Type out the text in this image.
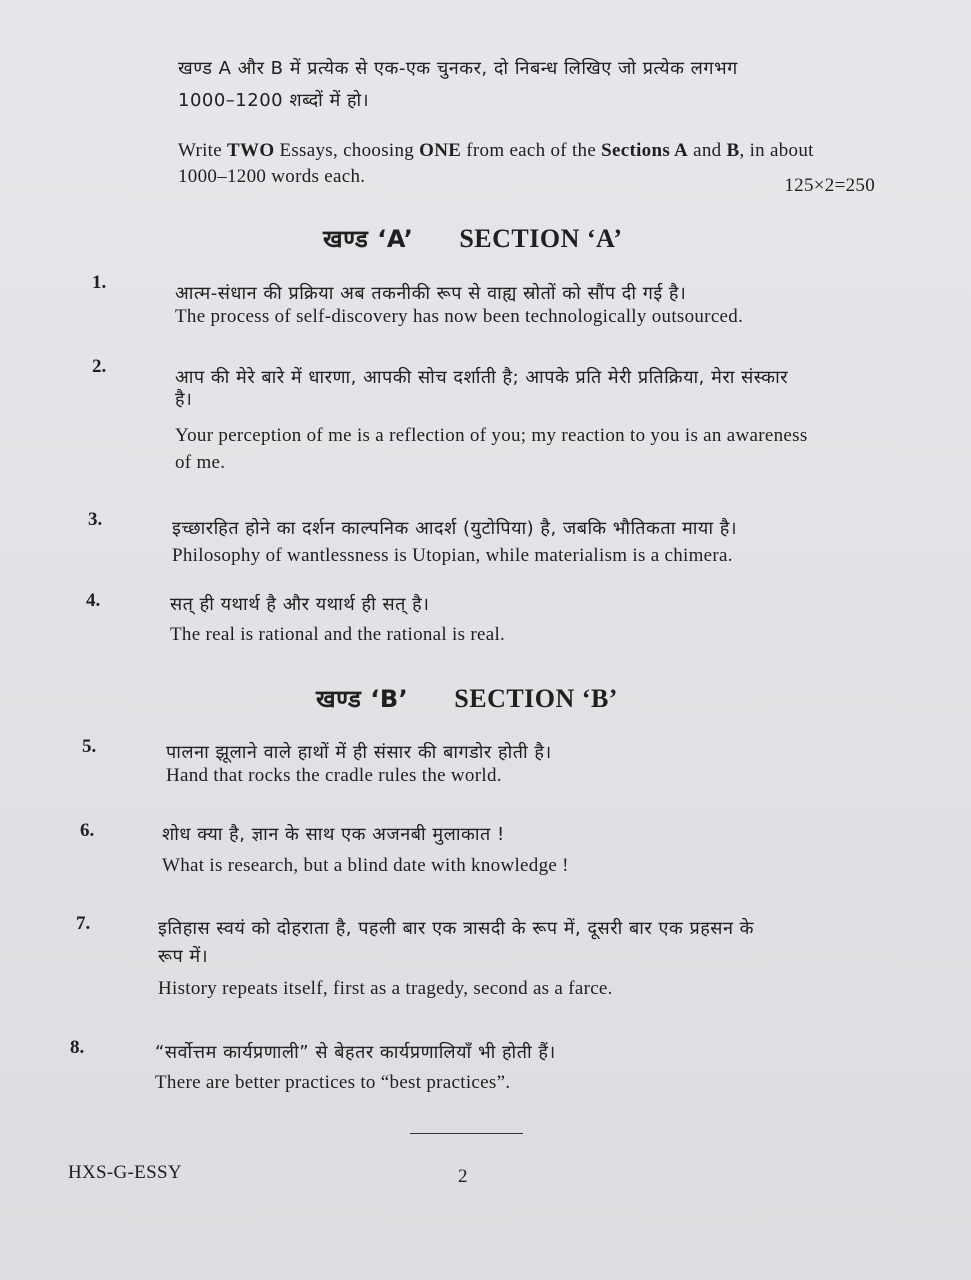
खण्ड A और B में प्रत्येक से एक-एक चुनकर, दो निबन्ध लिखिए जो प्रत्येक लगभग
1000–1200 शब्दों में हो।
Write TWO Essays, choosing ONE from each of the Sections A and B, in about
1000–1200 words each.	125×2=250
खण्ड ‘A’ SECTION ‘A’
1.
आत्म-संधान की प्रक्रिया अब तकनीकी रूप से वाह्य स्रोतों को सौंप दी गई है।
The process of self-discovery has now been technologically outsourced.
2.
आप की मेरे बारे में धारणा, आपकी सोच दर्शाती है; आपके प्रति मेरी प्रतिक्रिया, मेरा संस्कार
है।
Your perception of me is a reflection of you; my reaction to you is an awareness
of me.
3.	इच्छारहित होने का दर्शन काल्पनिक आदर्श (युटोपिया) है, जबकि भौतिकता माया है।
Philosophy of wantlessness is Utopian, while materialism is a chimera.
4.	सत् ही यथार्थ है और यथार्थ ही सत् है।
The real is rational and the rational is real.
खण्ड ‘B’ SECTION ‘B’
5.	पालना झूलाने वाले हाथों में ही संसार की बागडोर होती है।
Hand that rocks the cradle rules the world.
6.	शोध क्या है, ज्ञान के साथ एक अजनबी मुलाकात !
What is research, but a blind date with knowledge !
7.	इतिहास स्वयं को दोहराता है, पहली बार एक त्रासदी के रूप में, दूसरी बार एक प्रहसन के
रूप में।
History repeats itself, first as a tragedy, second as a farce.
8.	“सर्वोत्तम कार्यप्रणाली” से बेहतर कार्यप्रणालियाँ भी होती हैं।
There are better practices to “best practices”.
HXS-G-ESSY	2
